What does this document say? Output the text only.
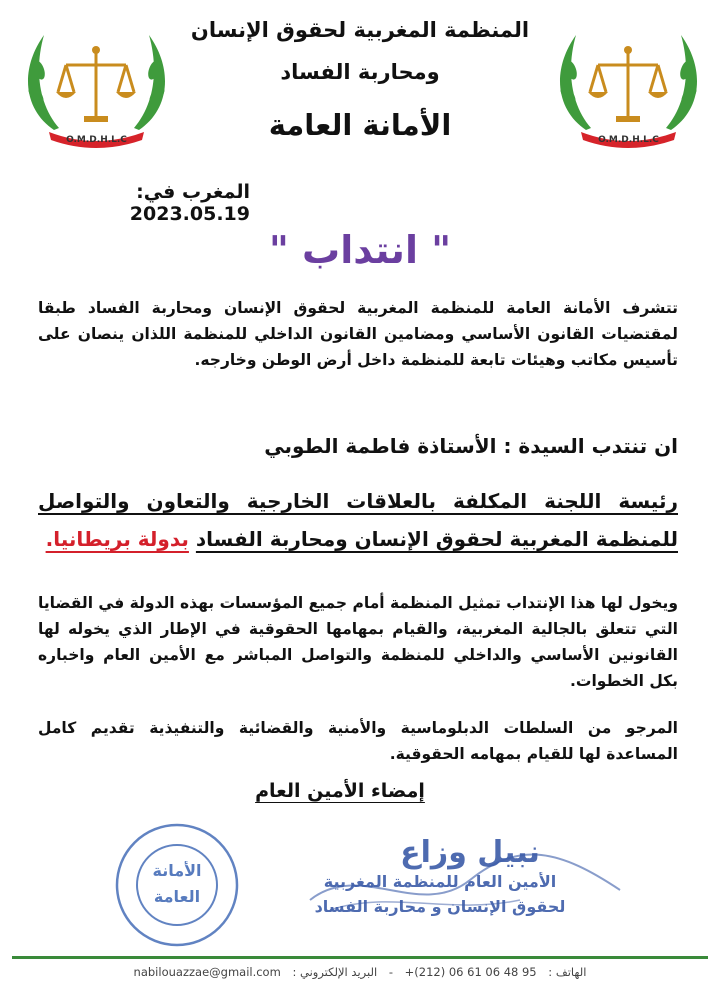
O.M.D.H.L.C	O.M.D.H.L.C
المنظمة المغربية لحقوق الإنسان
ومحاربة الفساد
الأمانة العامة
المغرب في: 2023.05.19
" انتداب "
تتشرف الأمانة العامة للمنظمة المغربية لحقوق الإنسان ومحاربة الفساد طبقا لمقتضيات القانون الأساسي ومضامين القانون الداخلي للمنظمة اللذان ينصان على تأسيس مكاتب وهيئات تابعة للمنظمة داخل أرض الوطن وخارجه.
ان تنتدب السيدة : الأستاذة فاطمة الطوبي
رئيسة اللجنة المكلفة بالعلاقات الخارجية والتعاون والتواصل للمنظمة المغربية لحقوق الإنسان ومحاربة الفساد بدولة بريطانيا.
ويخول لها هذا الإنتداب تمثيل المنظمة أمام جميع المؤسسات بهذه الدولة في القضايا التي تتعلق بالجالية المغربية، والقيام بمهامها الحقوقية في الإطار الذي يخوله لها القانونين الأساسي والداخلي للمنظمة والتواصل المباشر مع الأمين العام واخباره بكل الخطوات.
المرجو من السلطات الدبلوماسية والأمنية والقضائية والتنفيذية تقديم كامل المساعدة لها للقيام بمهامه الحقوقية.
إمضاء الأمين العام
الأمانة
العامة
نبيل وزاع
الأمين العام للمنظمة المغربية
لحقوق الإنسان و محاربة الفساد
الهاتف : +(212) 06 61 06 48 95 - البريد الإلكتروني : nabilouazzae@gmail.com
